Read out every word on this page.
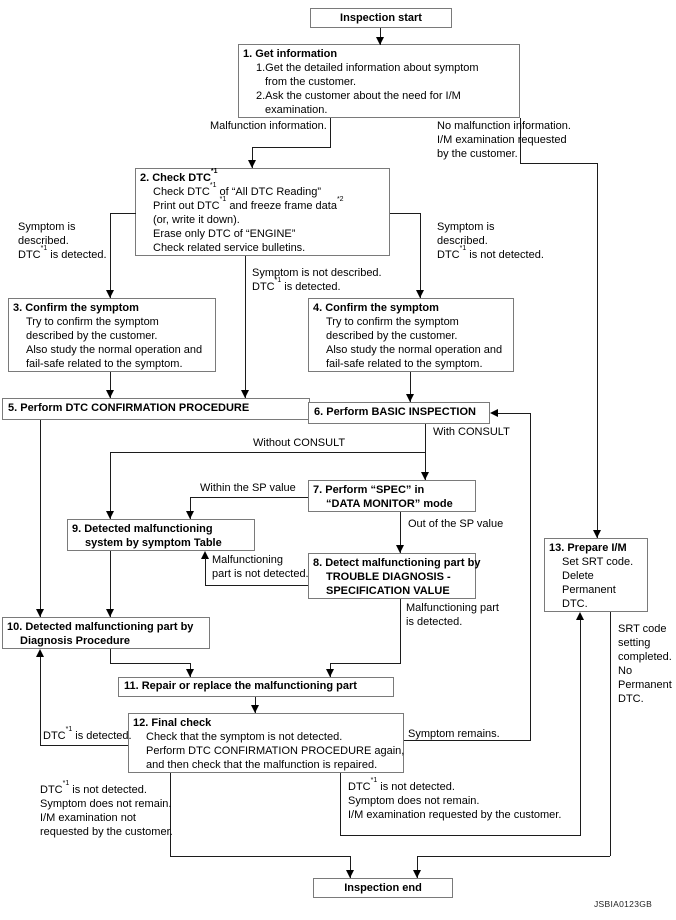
Inspection start
Inspection end
1. Get information
1.Get the detailed information about symptom
from the customer.
2.Ask the customer about the need for I/M
examination.
2. Check DTC$^{*1}$
Check DTC$^{*1}$ of “All DTC Reading”
Print out DTC$^{*1}$ and freeze frame data$^{*2}$
(or, write it down).
Erase only DTC of “ENGINE”
Check related service bulletins.
3. Confirm the symptom
Try to confirm the symptom
described by the customer.
Also study the normal operation and
fail-safe related to the symptom.
4. Confirm the symptom
Try to confirm the symptom
described by the customer.
Also study the normal operation and
fail-safe related to the symptom.
5. Perform DTC CONFIRMATION PROCEDURE	6. Perform BASIC INSPECTION
11. Repair or replace the malfunctioning part
7. Perform “SPEC” in
“DATA MONITOR” mode
8. Detect malfunctioning part by
TROUBLE DIAGNOSIS -
SPECIFICATION VALUE
9. Detected malfunctioning
system by symptom Table
10. Detected malfunctioning part by
Diagnosis Procedure
12. Final check
Check that the symptom is not detected.
Perform DTC CONFIRMATION PROCEDURE again,
and then check that the malfunction is repaired.
13. Prepare I/M
Set SRT code.
Delete
Permanent
DTC.
Malfunction information.	No malfunction information.
I/M examination requested
by the customer.
Symptom is
described.
DTC$^{*1}$ is detected.
Symptom is
described.
DTC$^{*1}$ is not detected.
Symptom is not described.
DTC$^{*1}$ is detected.
Without CONSULT
With CONSULT
Within the SP value
Out of the SP value
Malfunctioning
part is not detected.
Malfunctioning part
is detected.
Symptom remains.
DTC$^{*1}$ is detected.
DTC$^{*1}$ is not detected.
Symptom does not remain.
I/M examination not
requested by the customer.
DTC$^{*1}$ is not detected.
Symptom does not remain.
I/M examination requested by the customer.
SRT code
setting
completed.
No
Permanent
DTC.
JSBIA0123GB
